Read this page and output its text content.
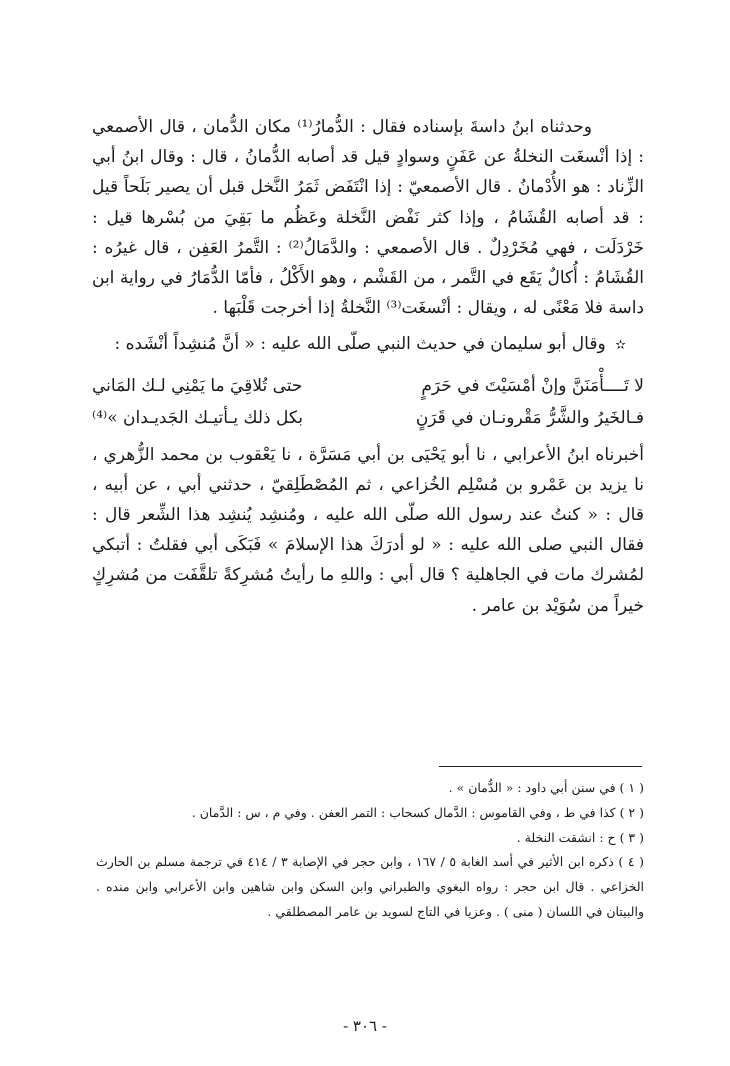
وحدثناه ابنُ داسةَ بإسناده فقال : الدُّمارُ⁽¹⁾ مكان الدُّمان ، قال الأصمعي : إذا أنْسغَت النخلةُ عن عَفَنٍ وسوادٍ قيل قد أصابه الدُّمانُ ، قال : وقال ابنُ أبي الزِّناد : هو الأُدْمانُ . قال الأصمعيّ : إذا انْتَفَض ثَمَرُ النَّخل قبل أن يصير بَلَحاً قيل : قد أصابه القُشَامُ ، وإذا كثر نَفْض النَّخلة وعَظُم ما بَقِيَ من بُسْرها قيل : خَرْدَلَت ، فهي مُخَرْدِلٌ . قال الأصمعي : والدَّمَالُ⁽²⁾ : التَّمرُ العَفِن ، قال غيرُه : القُشَامُ : أُكالٌ يَقَع في التَّمر ، من القَشْم ، وهو الأَكْلُ ، فأمّا الدُّمَارُ في رواية ابن داسة فلا مَعْنًى له ، ويقال : أنْسغَت⁽³⁾ النَّخلةُ إذا أخرجت قَلْبَها .

✫ وقال أبو سليمان في حديث النبي صلّى الله عليه : « أنَّ مُنشِداً أنْشَده :

لا تَــــأْمَنَنَّ وإنْ أمْسَيْتَ في حَرَمٍ
حتى تُلاقِيَ ما يَمْنِي لـك المَاني
فـالخَيرُ والشَّرُّ مَقْرونـان في قَرَنٍ
بكل ذلك يـأتيـك الجَديـدان »⁽⁴⁾

أخبرناه ابنُ الأعرابي ، نا أبو يَحْيَى بن أبي مَسَرَّة ، نا يَعْقوب بن محمد الزُّهري ، نا يزيد بن عَمْرو بن مُسْلِم الخُزاعي ، ثم المُصْطَلِقيّ ، حدثني أبي ، عن أبيه ، قال : « كنتُ عند رسول الله صلّى الله عليه ، ومُنشِد يُنشِد هذا الشِّعر قال : فقال النبي صلى الله عليه : « لو أدرَكَ هذا الإسلامَ » فَبَكَى أبي فقلتُ : أتبكي لمُشرك مات في الجاهلية ؟ قال أبي : واللهِ ما رأيتُ مُشرِكةً تلقَّفَت من مُشرِكٍ خيراً من سُوَيْد بن عامر .

( ١ ) في سنن أبي داود : « الدُّمان » .

( ٢ ) كذا في ط ، وفي القاموس : الدَّمال كسحاب : التمر العفن . وفي م ، س : الدَّمان .

( ٣ ) ح : انشقت النخلة .

( ٤ ) ذكره ابن الأثير في أسد الغابة ٥ / ١٦٧ ، وابن حجر في الإصابة ٣ / ٤١٤ في ترجمة مسلم بن الحارث الخزاعي . قال ابن حجر : رواه البغوي والطبراني وابن السكن وابن شاهين وابن الأعرابي وابن منده . والبيتان في اللسان ( منى ) . وعزيا في التاج لسويد بن عامر المصطلقي .

- ٣٠٦ -
